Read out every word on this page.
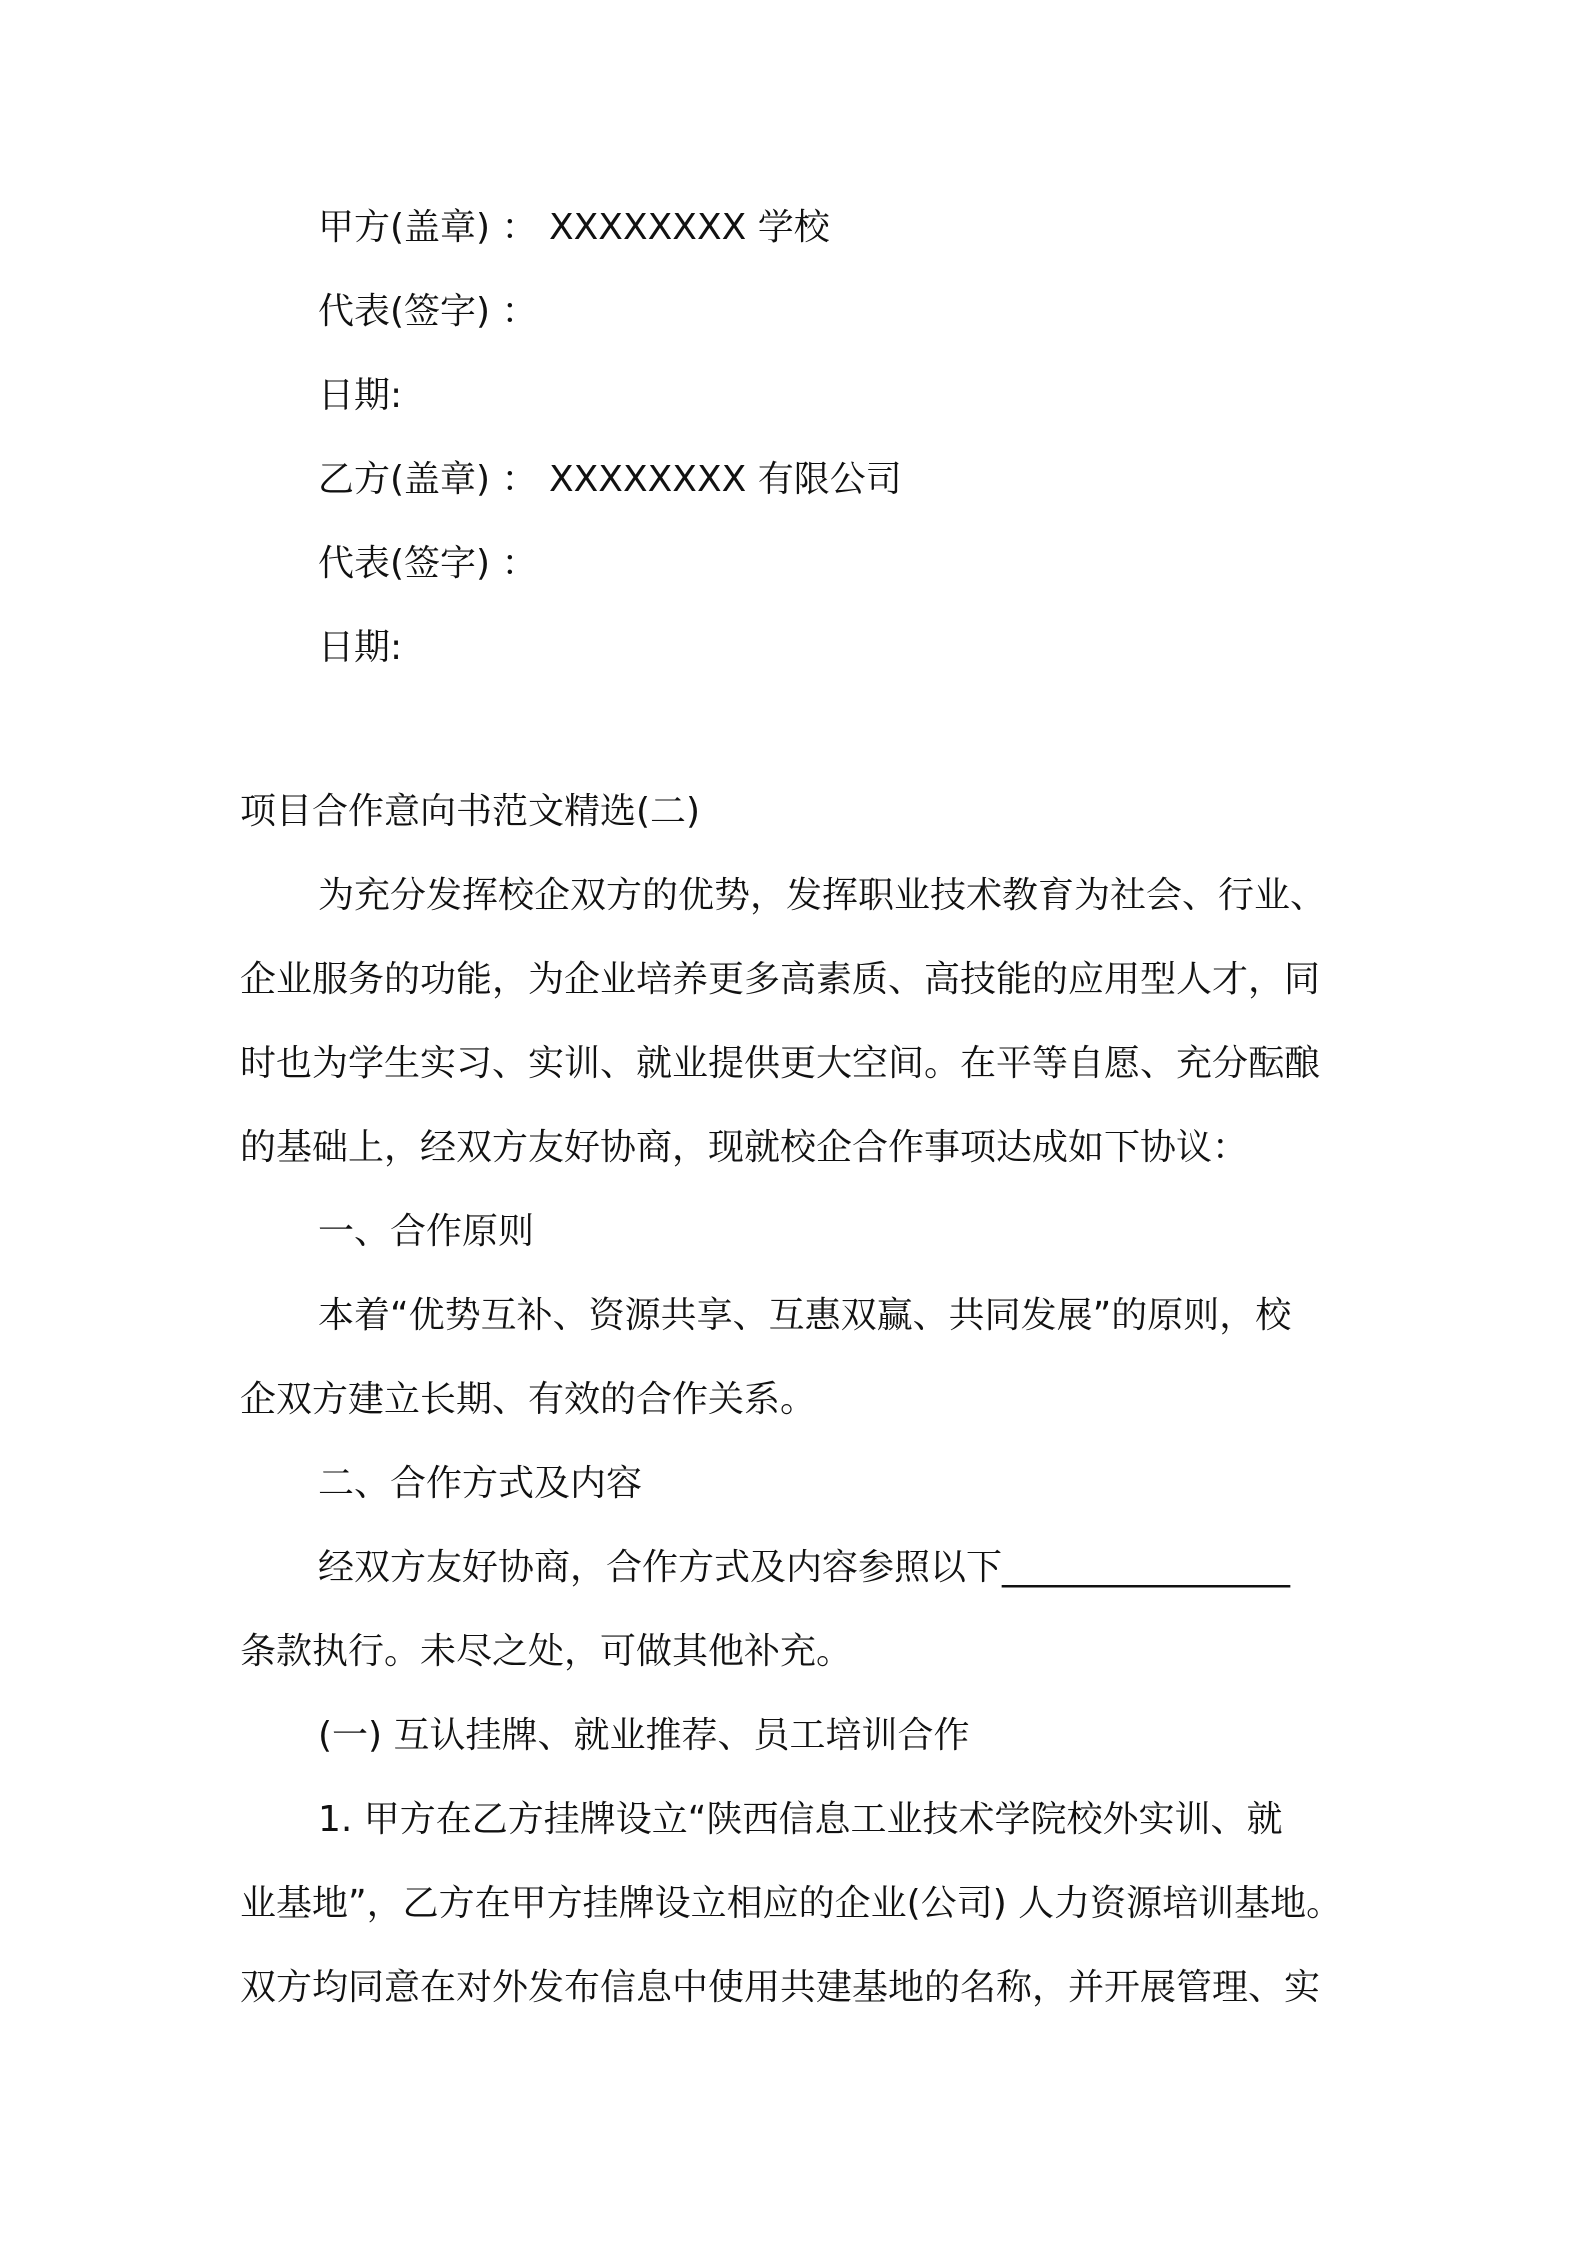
甲方(盖章) ： XXXXXXXX 学校
代表(签字) ：
日期:
乙方(盖章) ： XXXXXXXX 有限公司
代表(签字) ：
日期:
项目合作意向书范文精选(二)
为充分发挥校企双方的优势，发挥职业技术教育为社会、行业、
企业服务的功能，为企业培养更多高素质、高技能的应用型人才，同
时也为学生实习、实训、就业提供更大空间。在平等自愿、充分酝酿
的基础上，经双方友好协商，现就校企合作事项达成如下协议：
一、合作原则
本着“优势互补、资源共享、互惠双赢、共同发展”的原则，校
企双方建立长期、有效的合作关系。
二、合作方式及内容
经双方友好协商，合作方式及内容参照以下________________
条款执行。未尽之处，可做其他补充。
(一) 互认挂牌、就业推荐、员工培训合作
1. 甲方在乙方挂牌设立“陕西信息工业技术学院校外实训、就
业基地”，乙方在甲方挂牌设立相应的企业(公司) 人力资源培训基地。
双方均同意在对外发布信息中使用共建基地的名称，并开展管理、实
